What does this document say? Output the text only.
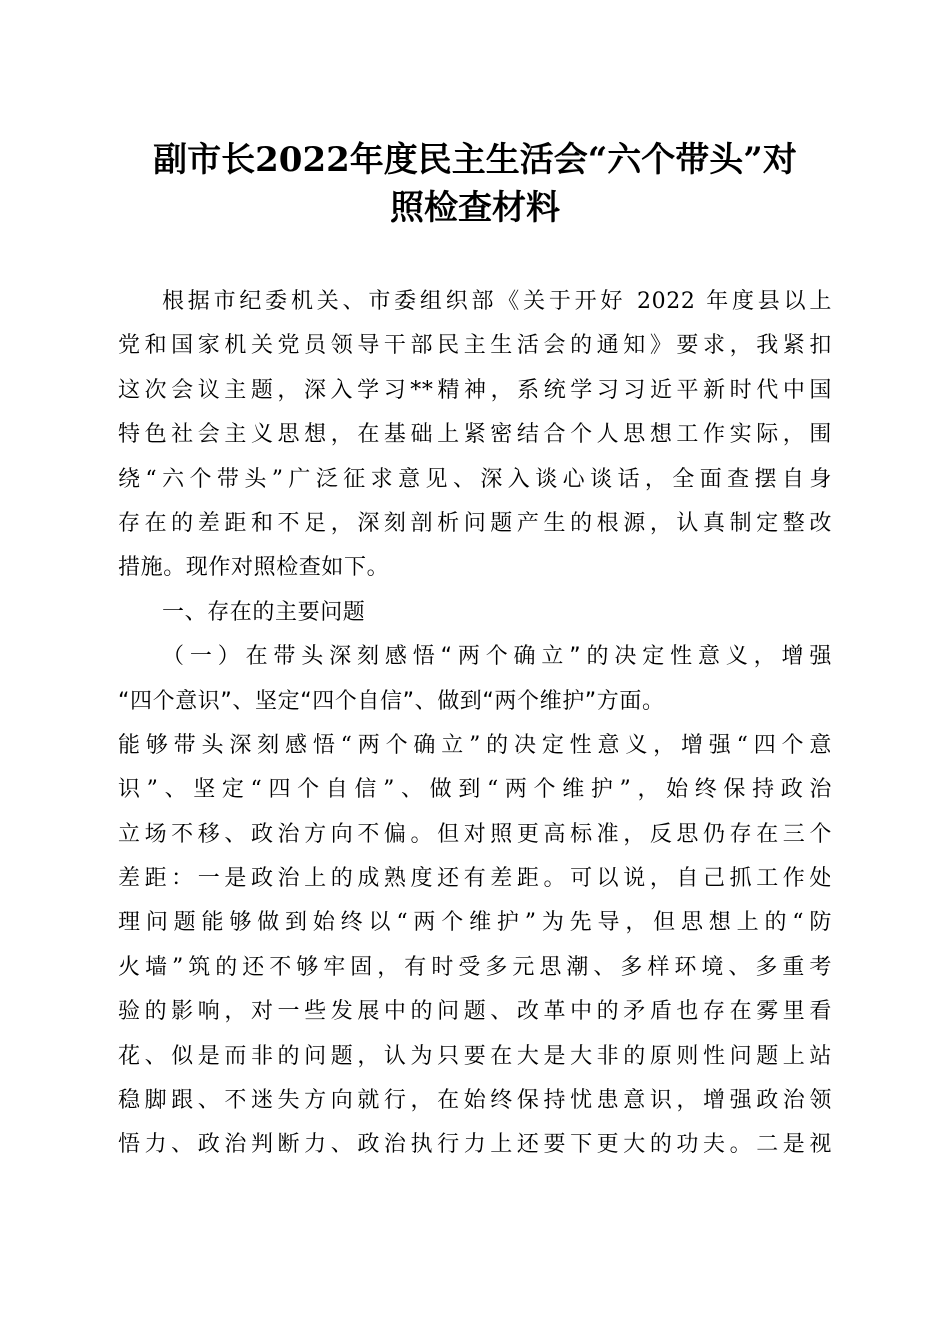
副市长2022年度民主生活会“六个带头”对
照检查材料
根据市纪委机关、市委组织部《关于开好 2022 年度县以上
党和国家机关党员领导干部民主生活会的通知》要求，我紧扣
这次会议主题，深入学习**精神，系统学习习近平新时代中国
特色社会主义思想，在基础上紧密结合个人思想工作实际，围
绕“六个带头”广泛征求意见、深入谈心谈话，全面查摆自身
存在的差距和不足，深刻剖析问题产生的根源，认真制定整改
措施。现作对照检查如下。
一、存在的主要问题
（一）在带头深刻感悟“两个确立”的决定性意义，增强
“四个意识”、坚定“四个自信”、做到“两个维护”方面。
能够带头深刻感悟“两个确立”的决定性意义，增强“四个意
识”、坚定“四个自信”、做到“两个维护”，始终保持政治
立场不移、政治方向不偏。但对照更高标准，反思仍存在三个
差距：一是政治上的成熟度还有差距。可以说，自己抓工作处
理问题能够做到始终以“两个维护”为先导，但思想上的“防
火墙”筑的还不够牢固，有时受多元思潮、多样环境、多重考
验的影响，对一些发展中的问题、改革中的矛盾也存在雾里看
花、似是而非的问题，认为只要在大是大非的原则性问题上站
稳脚跟、不迷失方向就行，在始终保持忧患意识，增强政治领
悟力、政治判断力、政治执行力上还要下更大的功夫。二是视
